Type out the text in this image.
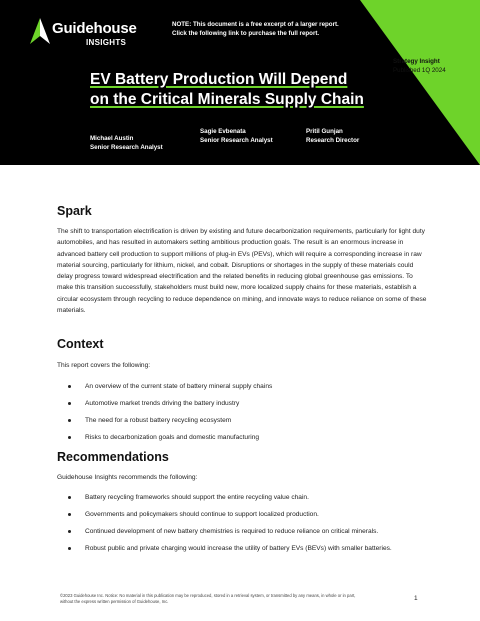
Guidehouse
INSIGHTS
NOTE: This document is a free excerpt of a larger report.
Click the following link to purchase the full report.
Strategy Insight
Published 1Q 2024
EV Battery Production Will Depend
on the Critical Minerals Supply Chain
Michael Austin
Senior Research Analyst
Sagie Evbenata
Senior Research Analyst
Pritil Gunjan
Research Director
Spark

The shift to transportation electrification is driven by existing and future decarbonization requirements, particularly for light duty automobiles, and has resulted in automakers setting ambitious production goals. The result is an enormous increase in advanced battery cell production to support millions of plug-in EVs (PEVs), which will require a corresponding increase in raw material sourcing, particularly for lithium, nickel, and cobalt. Disruptions or shortages in the supply of these materials could delay progress toward widespread electrification and the related benefits in reducing global greenhouse gas emissions. To make this transition successfully, stakeholders must build new, more localized supply chains for these materials, establish a circular ecosystem through recycling to reduce dependence on mining, and innovate ways to reduce reliance on some of these materials.

Context

This report covers the following:

An overview of the current state of battery mineral supply chains
Automotive market trends driving the battery industry
The need for a robust battery recycling ecosystem
Risks to decarbonization goals and domestic manufacturing
Recommendations

Guidehouse Insights recommends the following:

Battery recycling frameworks should support the entire recycling value chain.
Governments and policymakers should continue to support localized production.
Continued development of new battery chemistries is required to reduce reliance on critical minerals.
Robust public and private charging would increase the utility of battery EVs (BEVs) with smaller batteries.
©2023 Guidehouse Inc. Notice: No material in this publication may be reproduced, stored in a retrieval system, or transmitted by any means, in whole or in part, without the express written permission of Guidehouse, Inc.	1
